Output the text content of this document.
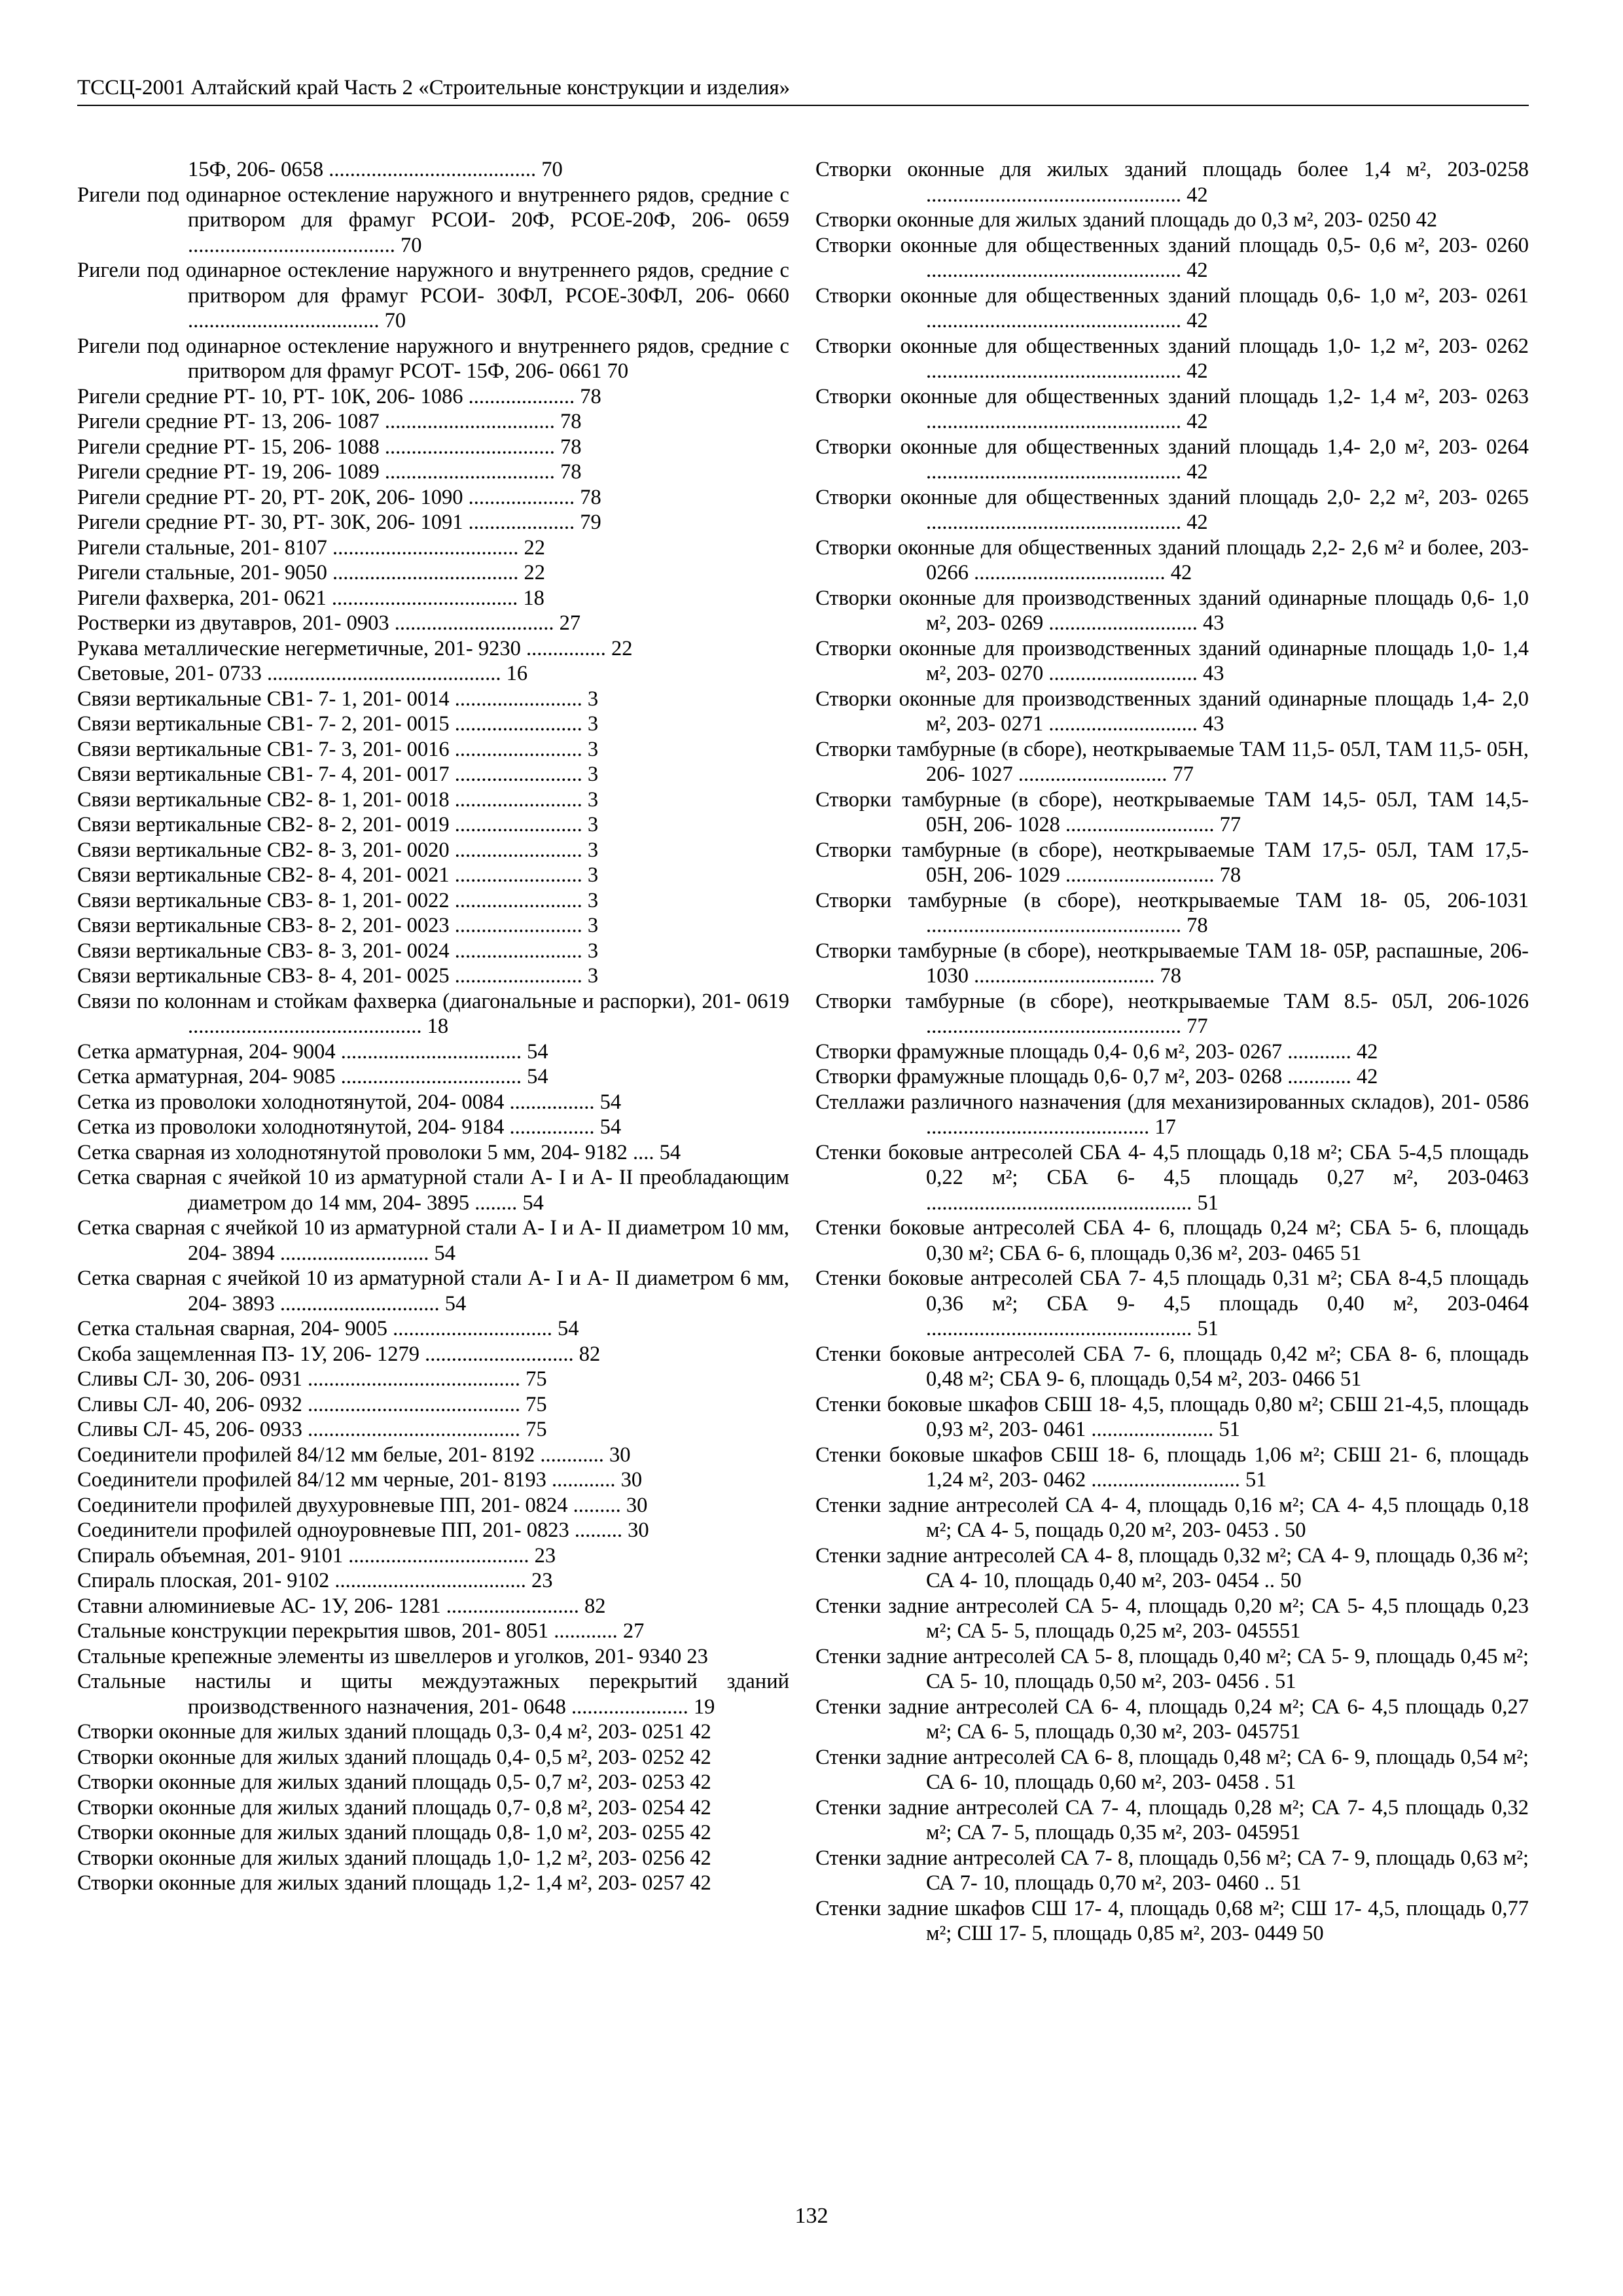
ТССЦ-2001 Алтайский край Часть 2 «Строительные конструкции и изделия»
15Ф, 206- 0658 ....................................... 70
Ригели под одинарное остекление наружного и внутреннего рядов, средние с притвором для фрамуг РСОИ- 20Ф, РСОЕ-20Ф, 206- 0659 ....................................... 70
Ригели под одинарное остекление наружного и внутреннего рядов, средние с притвором для фрамуг РСОИ- 30ФЛ, РСОЕ-30ФЛ, 206- 0660 .................................... 70
Ригели под одинарное остекление наружного и внутреннего рядов, средние с притвором для фрамуг РСОТ- 15Ф, 206- 0661 70
Ригели средние РТ- 10, РТ- 10К, 206- 1086 .................... 78
Ригели средние РТ- 13, 206- 1087 ................................ 78
Ригели средние РТ- 15, 206- 1088 ................................ 78
Ригели средние РТ- 19, 206- 1089 ................................ 78
Ригели средние РТ- 20, РТ- 20К, 206- 1090 .................... 78
Ригели средние РТ- 30, РТ- 30К, 206- 1091 .................... 79
Ригели стальные, 201- 8107 ................................... 22
Ригели стальные, 201- 9050 ................................... 22
Ригели фахверка, 201- 0621 ................................... 18
Ростверки из двутавров, 201- 0903 .............................. 27
Рукава металлические негерметичные, 201- 9230 ............... 22
Световые, 201- 0733 ............................................ 16
Связи вертикальные СВ1- 7- 1, 201- 0014 ........................ 3
Связи вертикальные СВ1- 7- 2, 201- 0015 ........................ 3
Связи вертикальные СВ1- 7- 3, 201- 0016 ........................ 3
Связи вертикальные СВ1- 7- 4, 201- 0017 ........................ 3
Связи вертикальные СВ2- 8- 1, 201- 0018 ........................ 3
Связи вертикальные СВ2- 8- 2, 201- 0019 ........................ 3
Связи вертикальные СВ2- 8- 3, 201- 0020 ........................ 3
Связи вертикальные СВ2- 8- 4, 201- 0021 ........................ 3
Связи вертикальные СВ3- 8- 1, 201- 0022 ........................ 3
Связи вертикальные СВ3- 8- 2, 201- 0023 ........................ 3
Связи вертикальные СВ3- 8- 3, 201- 0024 ........................ 3
Связи вертикальные СВ3- 8- 4, 201- 0025 ........................ 3
Связи по колоннам и стойкам фахверка (диагональные и распорки), 201- 0619 ............................................ 18
Сетка арматурная, 204- 9004 .................................. 54
Сетка арматурная, 204- 9085 .................................. 54
Сетка из проволоки холоднотянутой, 204- 0084 ................ 54
Сетка из проволоки холоднотянутой, 204- 9184 ................ 54
Сетка сварная из холоднотянутой проволоки 5 мм, 204- 9182 .... 54
Сетка сварная с ячейкой 10 из арматурной стали А- I и А- II преобладающим диаметром до 14 мм, 204- 3895 ........ 54
Сетка сварная с ячейкой 10 из арматурной стали А- I и А- II диаметром 10 мм, 204- 3894 ............................ 54
Сетка сварная с ячейкой 10 из арматурной стали А- I и А- II диаметром 6 мм, 204- 3893 .............................. 54
Сетка стальная сварная, 204- 9005 .............................. 54
Скоба защемленная ПЗ- 1У, 206- 1279 ............................ 82
Сливы СЛ- 30, 206- 0931 ........................................ 75
Сливы СЛ- 40, 206- 0932 ........................................ 75
Сливы СЛ- 45, 206- 0933 ........................................ 75
Соединители профилей 84/12 мм белые, 201- 8192 ............ 30
Соединители профилей 84/12 мм черные, 201- 8193 ............ 30
Соединители профилей двухуровневые ПП, 201- 0824 ......... 30
Соединители профилей одноуровневые ПП, 201- 0823 ......... 30
Спираль объемная, 201- 9101 .................................. 23
Спираль плоская, 201- 9102 .................................... 23
Ставни алюминиевые АС- 1У, 206- 1281 ......................... 82
Стальные конструкции перекрытия швов, 201- 8051 ............ 27
Стальные крепежные элементы из швеллеров и уголков, 201- 9340 23
Стальные настилы и щиты междуэтажных перекрытий зданий производственного назначения, 201- 0648 ...................... 19
Створки оконные для жилых зданий площадь 0,3- 0,4 м², 203- 0251 42
Створки оконные для жилых зданий площадь 0,4- 0,5 м², 203- 0252 42
Створки оконные для жилых зданий площадь 0,5- 0,7 м², 203- 0253 42
Створки оконные для жилых зданий площадь 0,7- 0,8 м², 203- 0254 42
Створки оконные для жилых зданий площадь 0,8- 1,0 м², 203- 0255 42
Створки оконные для жилых зданий площадь 1,0- 1,2 м², 203- 0256 42
Створки оконные для жилых зданий площадь 1,2- 1,4 м², 203- 0257 42
Створки оконные для жилых зданий площадь более 1,4 м², 203-0258 ................................................ 42
Створки оконные для жилых зданий площадь до 0,3 м², 203- 0250 42
Створки оконные для общественных зданий площадь 0,5- 0,6 м², 203- 0260 ................................................ 42
Створки оконные для общественных зданий площадь 0,6- 1,0 м², 203- 0261 ................................................ 42
Створки оконные для общественных зданий площадь 1,0- 1,2 м², 203- 0262 ................................................ 42
Створки оконные для общественных зданий площадь 1,2- 1,4 м², 203- 0263 ................................................ 42
Створки оконные для общественных зданий площадь 1,4- 2,0 м², 203- 0264 ................................................ 42
Створки оконные для общественных зданий площадь 2,0- 2,2 м², 203- 0265 ................................................ 42
Створки оконные для общественных зданий площадь 2,2- 2,6 м² и более, 203- 0266 .................................... 42
Створки оконные для производственных зданий одинарные площадь 0,6- 1,0 м², 203- 0269 ............................ 43
Створки оконные для производственных зданий одинарные площадь 1,0- 1,4 м², 203- 0270 ............................ 43
Створки оконные для производственных зданий одинарные площадь 1,4- 2,0 м², 203- 0271 ............................ 43
Створки тамбурные (в сборе), неоткрываемые ТАМ 11,5- 05Л, ТАМ 11,5- 05Н, 206- 1027 ............................ 77
Створки тамбурные (в сборе), неоткрываемые ТАМ 14,5- 05Л, ТАМ 14,5- 05Н, 206- 1028 ............................ 77
Створки тамбурные (в сборе), неоткрываемые ТАМ 17,5- 05Л, ТАМ 17,5- 05Н, 206- 1029 ............................ 78
Створки тамбурные (в сборе), неоткрываемые ТАМ 18- 05, 206-1031 ................................................ 78
Створки тамбурные (в сборе), неоткрываемые ТАМ 18- 05Р, распашные, 206- 1030 .................................. 78
Створки тамбурные (в сборе), неоткрываемые ТАМ 8.5- 05Л, 206-1026 ................................................ 77
Створки фрамужные площадь 0,4- 0,6 м², 203- 0267 ............ 42
Створки фрамужные площадь 0,6- 0,7 м², 203- 0268 ............ 42
Стеллажи различного назначения (для механизированных складов), 201- 0586 .......................................... 17
Стенки боковые антресолей СБА 4- 4,5 площадь 0,18 м²; СБА 5-4,5 площадь 0,22 м²; СБА 6- 4,5 площадь 0,27 м², 203-0463 .................................................. 51
Стенки боковые антресолей СБА 4- 6, площадь 0,24 м²; СБА 5- 6, площадь 0,30 м²; СБА 6- 6, площадь 0,36 м², 203- 0465 51
Стенки боковые антресолей СБА 7- 4,5 площадь 0,31 м²; СБА 8-4,5 площадь 0,36 м²; СБА 9- 4,5 площадь 0,40 м², 203-0464 .................................................. 51
Стенки боковые антресолей СБА 7- 6, площадь 0,42 м²; СБА 8- 6, площадь 0,48 м²; СБА 9- 6, площадь 0,54 м², 203- 0466 51
Стенки боковые шкафов СБШ 18- 4,5, площадь 0,80 м²; СБШ 21-4,5, площадь 0,93 м², 203- 0461 ....................... 51
Стенки боковые шкафов СБШ 18- 6, площадь 1,06 м²; СБШ 21- 6, площадь 1,24 м², 203- 0462 ............................ 51
Стенки задние антресолей СА 4- 4, площадь 0,16 м²; СА 4- 4,5 площадь 0,18 м²; СА 4- 5, пощадь 0,20 м², 203- 0453 . 50
Стенки задние антресолей СА 4- 8, площадь 0,32 м²; СА 4- 9, площадь 0,36 м²; СА 4- 10, площадь 0,40 м², 203- 0454 .. 50
Стенки задние антресолей СА 5- 4, площадь 0,20 м²; СА 5- 4,5 площадь 0,23 м²; СА 5- 5, площадь 0,25 м², 203- 045551
Стенки задние антресолей СА 5- 8, площадь 0,40 м²; СА 5- 9, площадь 0,45 м²; СА 5- 10, площадь 0,50 м², 203- 0456 . 51
Стенки задние антресолей СА 6- 4, площадь 0,24 м²; СА 6- 4,5 площадь 0,27 м²; СА 6- 5, площадь 0,30 м², 203- 045751
Стенки задние антресолей СА 6- 8, площадь 0,48 м²; СА 6- 9, площадь 0,54 м²; СА 6- 10, площадь 0,60 м², 203- 0458 . 51
Стенки задние антресолей СА 7- 4, площадь 0,28 м²; СА 7- 4,5 площадь 0,32 м²; СА 7- 5, площадь 0,35 м², 203- 045951
Стенки задние антресолей СА 7- 8, площадь 0,56 м²; СА 7- 9, площадь 0,63 м²; СА 7- 10, площадь 0,70 м², 203- 0460 .. 51
Стенки задние шкафов СШ 17- 4, площадь 0,68 м²; СШ 17- 4,5, площадь 0,77 м²; СШ 17- 5, площадь 0,85 м², 203- 0449 50
132
